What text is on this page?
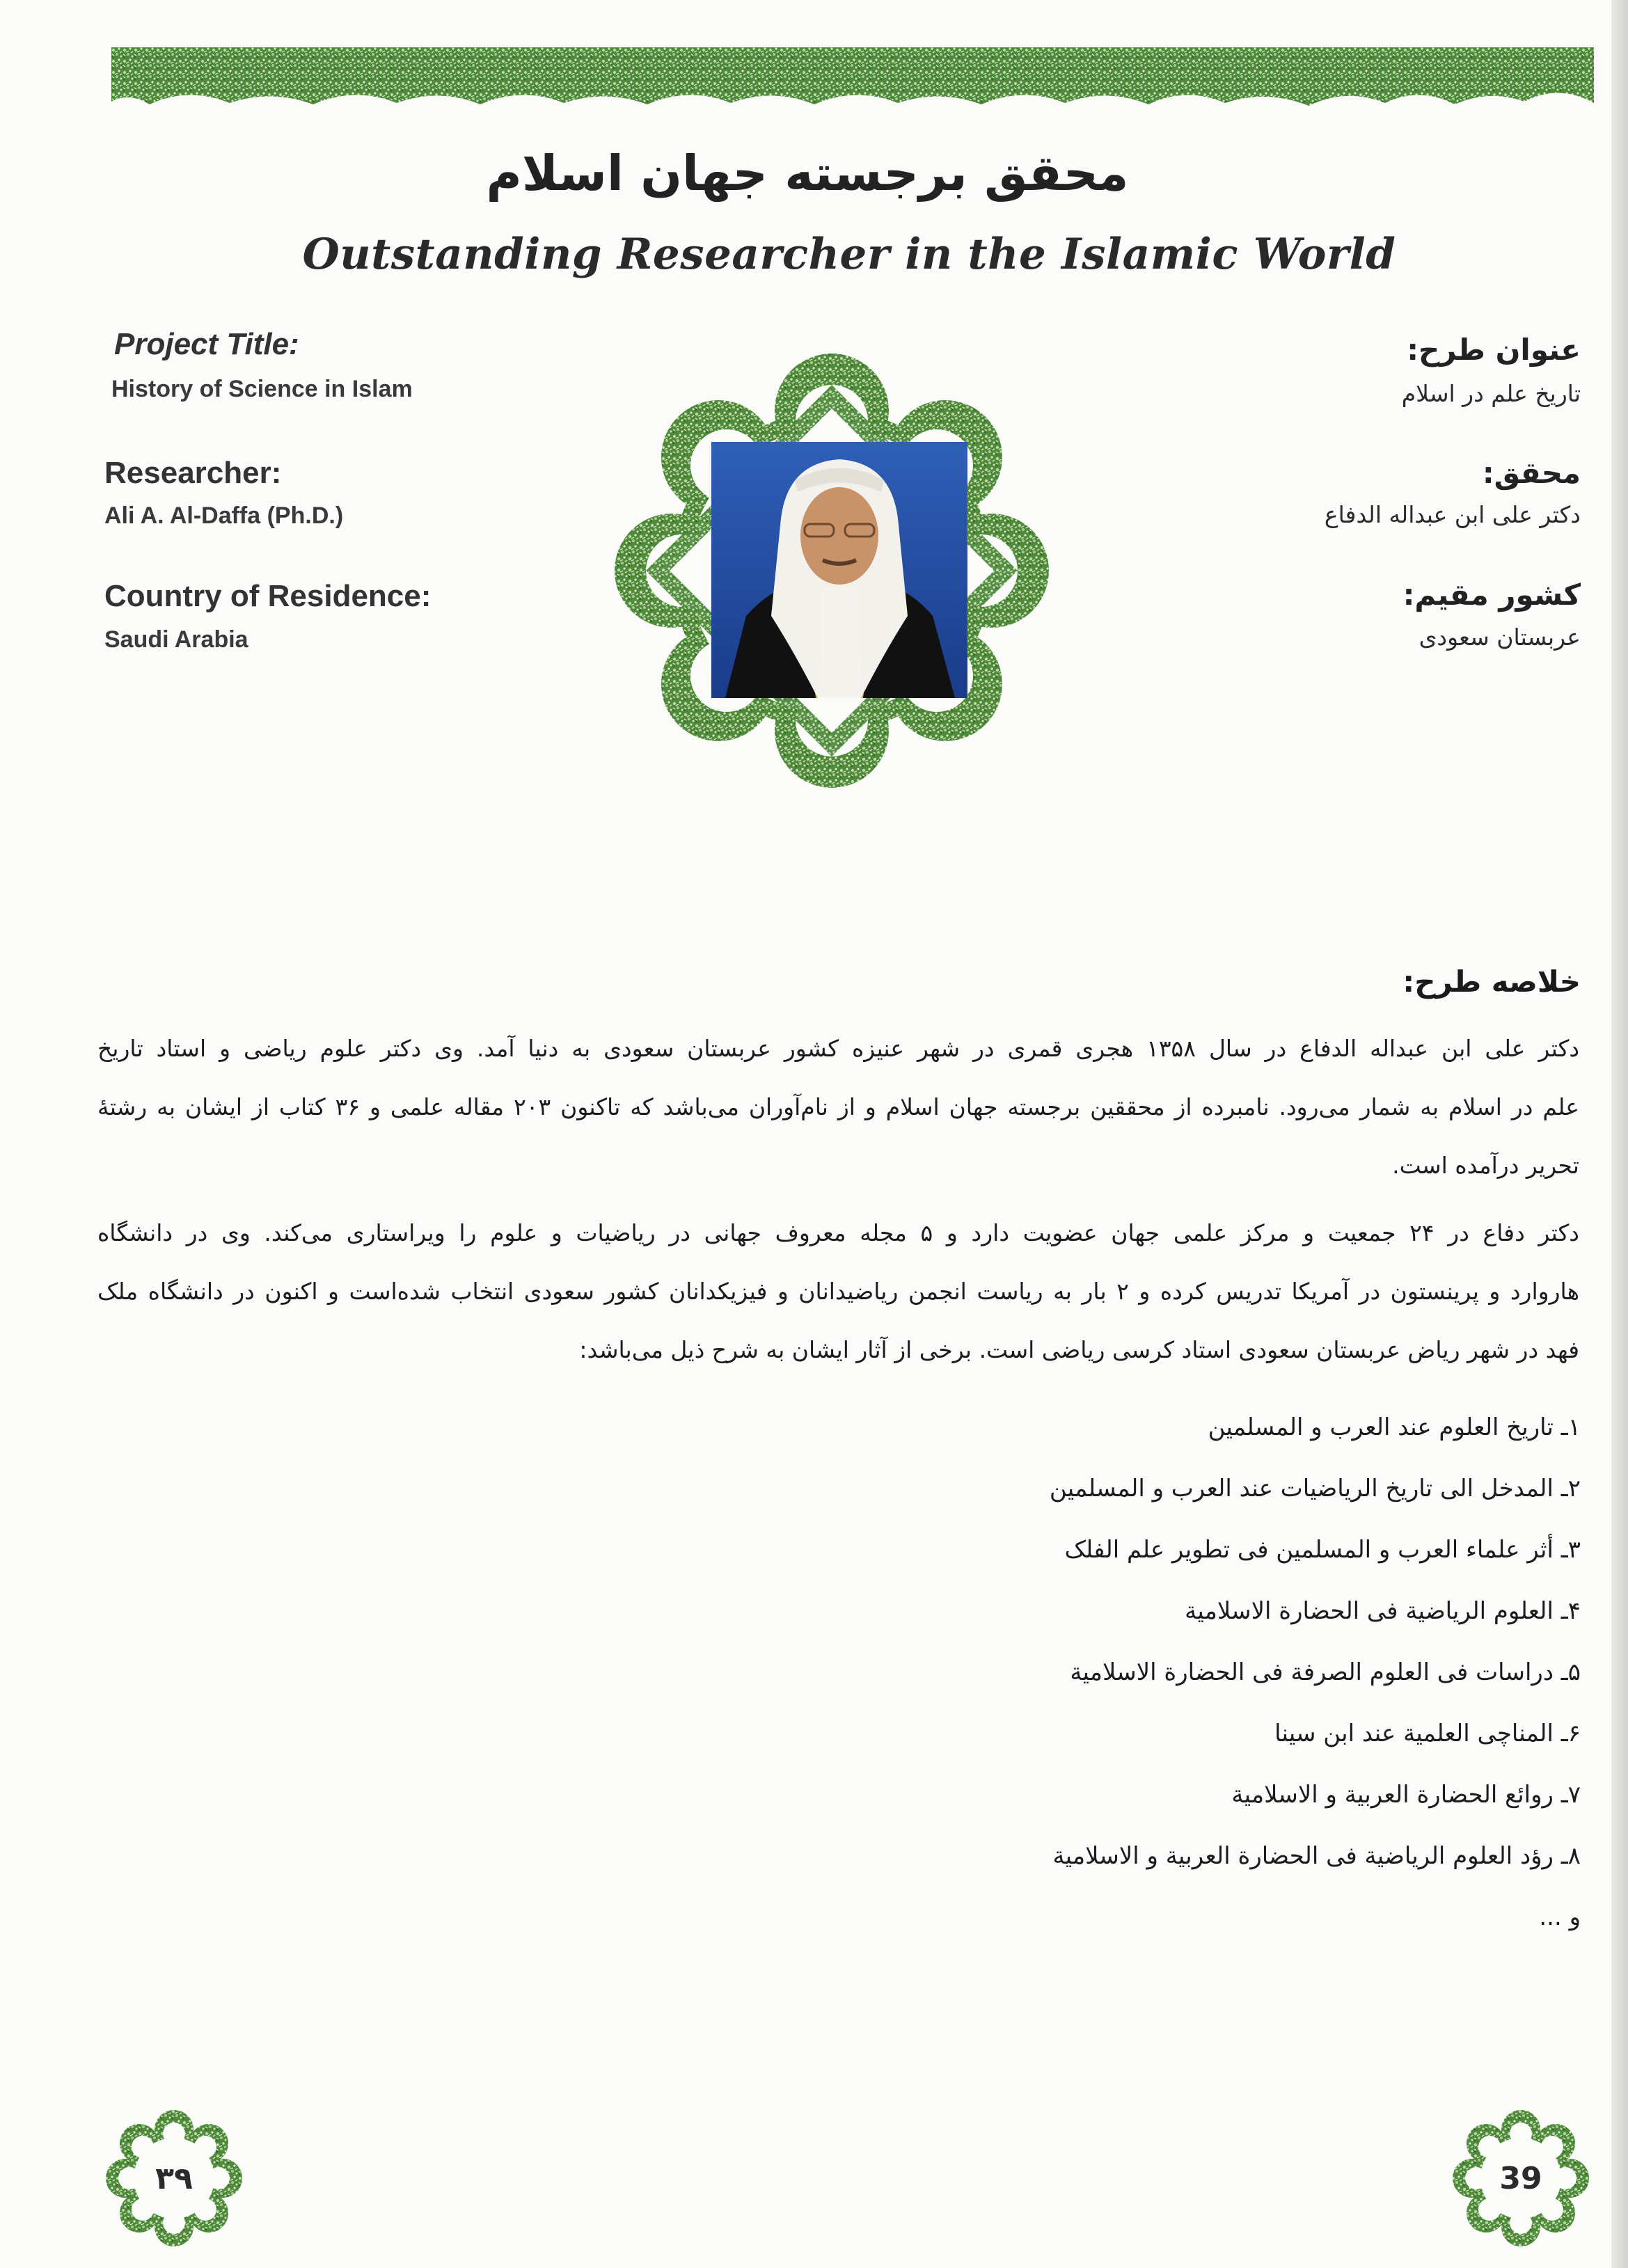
محقق برجسته جهان اسلام
Outstanding Researcher in the Islamic World
Project Title:
History of Science in Islam
Researcher:
Ali A. Al-Daffa (Ph.D.)
Country of Residence:
Saudi Arabia
عنوان طرح:
تاریخ علم در اسلام
محقق:
دکتر علی ابن عبداله الدفاع
کشور مقیم:
عربستان سعودی
خلاصه طرح:
دکتر علی ابن عبداله الدفاع در سال ۱۳۵۸ هجری قمری در شهر عنیزه کشور عربستان سعودی به دنیا آمد. وی دکتر علوم ریاضی و استاد تاریخ
علم در اسلام به شمار می‌رود. نامبرده از محققین برجسته جهان اسلام و از نام‌آوران می‌باشد که تاکنون ۲۰۳ مقاله علمی و ۳۶ کتاب از ایشان به رشتهٔ
تحریر درآمده است.
دکتر دفاع در ۲۴ جمعیت و مرکز علمی جهان عضویت دارد و ۵ مجله معروف جهانی در ریاضیات و علوم را ویراستاری می‌کند. وی در دانشگاه
هاروارد و پرینستون در آمریکا تدریس کرده و ۲ بار به ریاست انجمن ریاضیدانان و فیزیکدانان کشور سعودی انتخاب شده‌است و اکنون در دانشگاه ملک
فهد در شهر ریاض عربستان سعودی استاد کرسی ریاضی است. برخی از آثار ایشان به شرح ذیل می‌باشد:
۱ـ تاریخ العلوم عند العرب و المسلمین
۲ـ المدخل الی تاریخ الریاضیات عند العرب و المسلمین
۳ـ أثر علماء العرب و المسلمین فی تطویر علم الفلک
۴ـ العلوم الریاضیة فی الحضارة الاسلامیة
۵ـ دراسات فی العلوم الصرفة فی الحضارة الاسلامیة
۶ـ المناچی العلمیة عند ابن سینا
۷ـ روائع الحضارة العربیة و الاسلامیة
۸ـ رؤد العلوم الریاضیة فی الحضارة العربیة و الاسلامیة
و ...
۳۹	39
